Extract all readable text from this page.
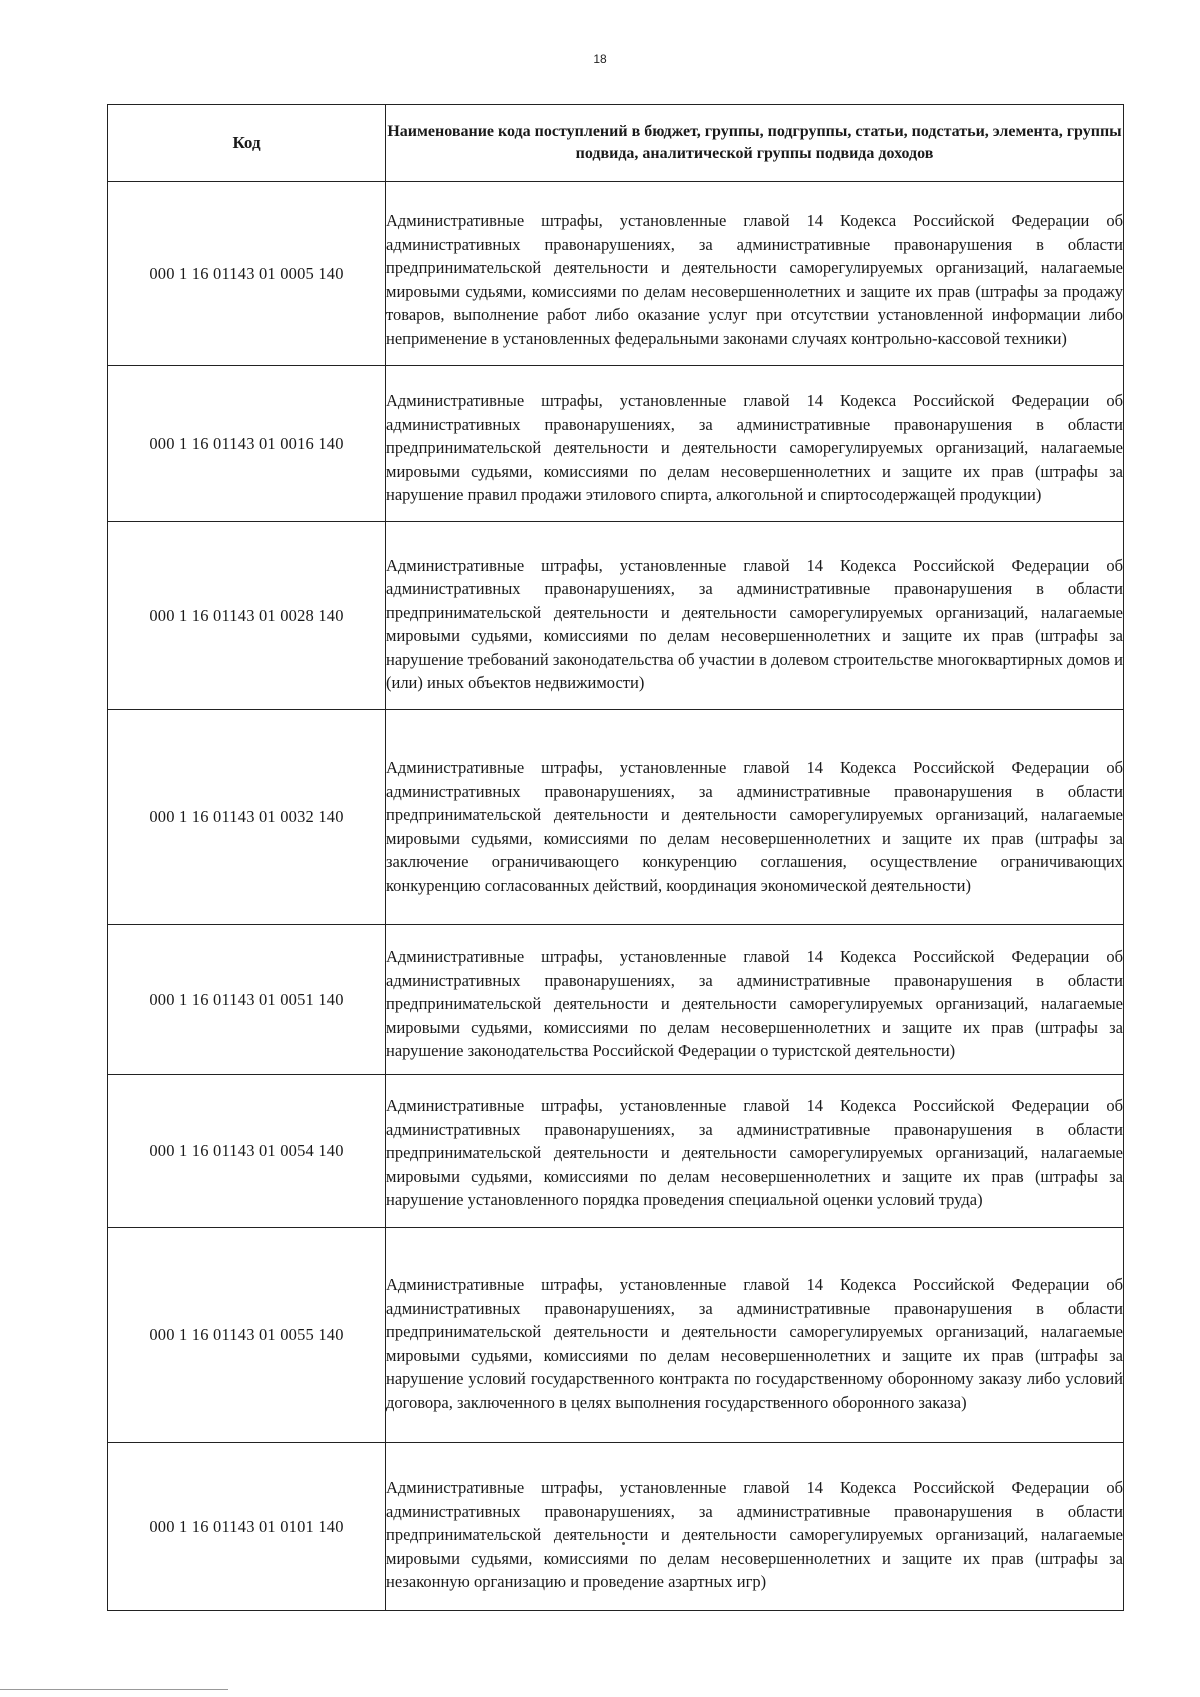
18
Код	Наименование кода поступлений в бюджет, группы, подгруппы, статьи, подстатьи, элемента, группы подвида, аналитической группы подвида доходов
000 1 16 01143 01 0005 140	Административные штрафы, установленные главой 14 Кодекса Российской Федерации об административных правонарушениях, за административные правонарушения в области предпринимательской деятельности и деятельности саморегулируемых организаций, налагаемые мировыми судьями, комиссиями по делам несовершеннолетних и защите их прав (штрафы за продажу товаров, выполнение работ либо оказание услуг при отсутствии установленной информации либо неприменение в установленных федеральными законами случаях контрольно-кассовой техники)
000 1 16 01143 01 0016 140	Административные штрафы, установленные главой 14 Кодекса Российской Федерации об административных правонарушениях, за административные правонарушения в области предпринимательской деятельности и деятельности саморегулируемых организаций, налагаемые мировыми судьями, комиссиями по делам несовершеннолетних и защите их прав (штрафы за нарушение правил продажи этилового спирта, алкогольной и спиртосодержащей продукции)
000 1 16 01143 01 0028 140	Административные штрафы, установленные главой 14 Кодекса Российской Федерации об административных правонарушениях, за административные правонарушения в области предпринимательской деятельности и деятельности саморегулируемых организаций, налагаемые мировыми судьями, комиссиями по делам несовершеннолетних и защите их прав (штрафы за нарушение требований законодательства об участии в долевом строительстве многоквартирных домов и (или) иных объектов недвижимости)
000 1 16 01143 01 0032 140	Административные штрафы, установленные главой 14 Кодекса Российской Федерации об административных правонарушениях, за административные правонарушения в области предпринимательской деятельности и деятельности саморегулируемых организаций, налагаемые мировыми судьями, комиссиями по делам несовершеннолетних и защите их прав (штрафы за заключение ограничивающего конкуренцию соглашения, осуществление ограничивающих конкуренцию согласованных действий, координация экономической деятельности)
000 1 16 01143 01 0051 140	Административные штрафы, установленные главой 14 Кодекса Российской Федерации об административных правонарушениях, за административные правонарушения в области предпринимательской деятельности и деятельности саморегулируемых организаций, налагаемые мировыми судьями, комиссиями по делам несовершеннолетних и защите их прав (штрафы за нарушение законодательства Российской Федерации о туристской деятельности)
000 1 16 01143 01 0054 140	Административные штрафы, установленные главой 14 Кодекса Российской Федерации об административных правонарушениях, за административные правонарушения в области предпринимательской деятельности и деятельности саморегулируемых организаций, налагаемые мировыми судьями, комиссиями по делам несовершеннолетних и защите их прав (штрафы за нарушение установленного порядка проведения специальной оценки условий труда)
000 1 16 01143 01 0055 140	Административные штрафы, установленные главой 14 Кодекса Российской Федерации об административных правонарушениях, за административные правонарушения в области предпринимательской деятельности и деятельности саморегулируемых организаций, налагаемые мировыми судьями, комиссиями по делам несовершеннолетних и защите их прав (штрафы за нарушение условий государственного контракта по государственному оборонному заказу либо условий договора, заключенного в целях выполнения государственного оборонного заказа)
000 1 16 01143 01 0101 140	Административные штрафы, установленные главой 14 Кодекса Российской Федерации об административных правонарушениях, за административные правонарушения в области предпринимательской деятельности и деятельности саморегулируемых организаций, налагаемые мировыми судьями, комиссиями по делам несовершеннолетних и защите их прав (штрафы за незаконную организацию и проведение азартных игр)
